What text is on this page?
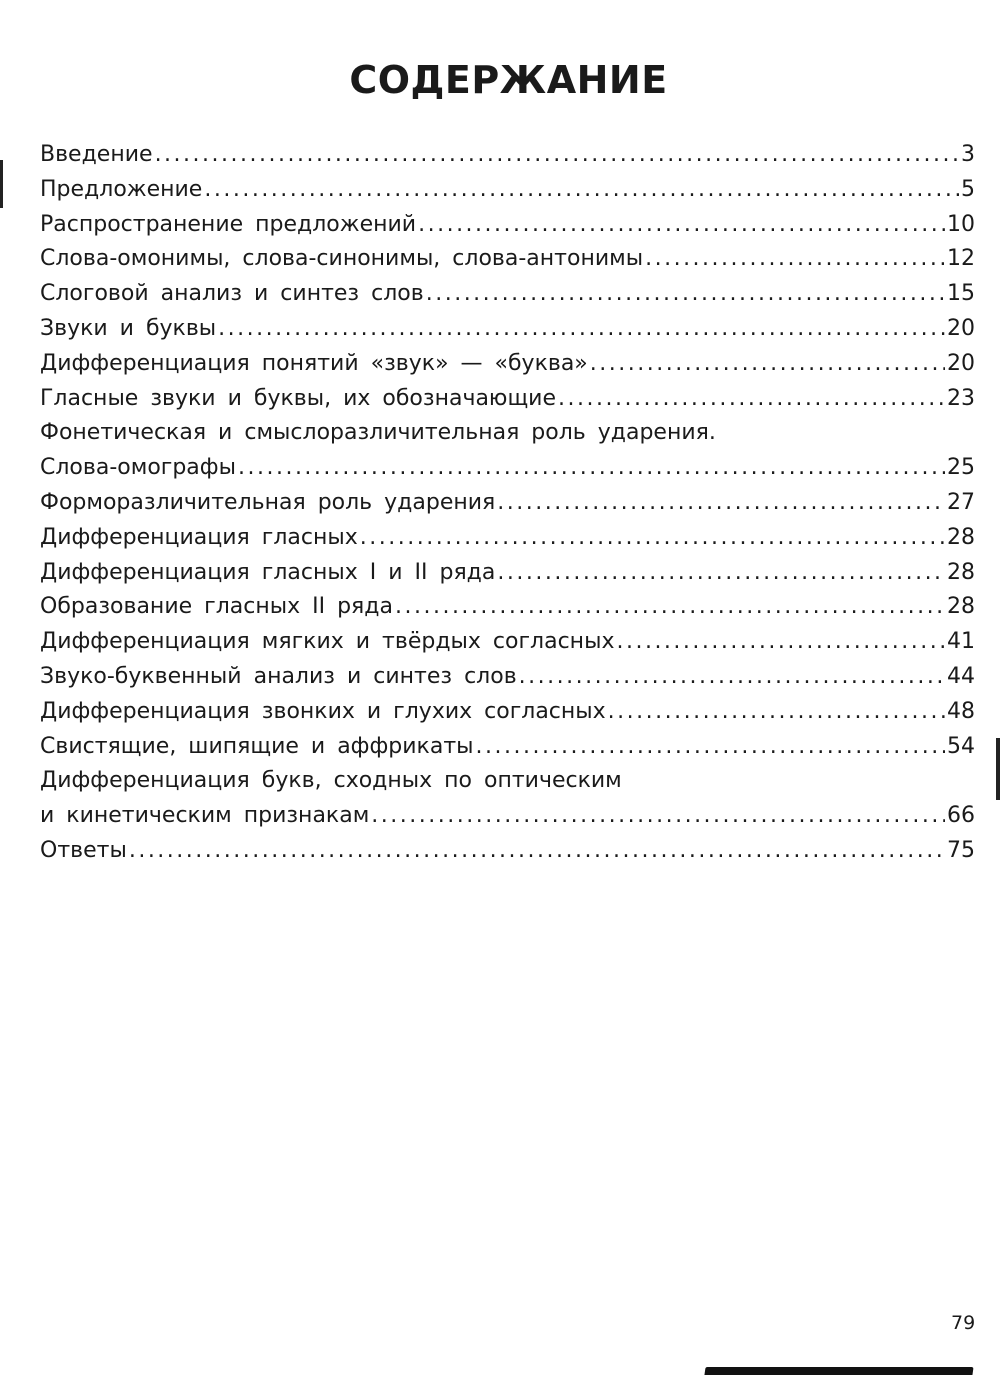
СОДЕРЖАНИЕ
Введение .....	3
Предложение .....	5
Распространение предложений .....	10
Слова-омонимы, слова-синонимы, слова-антонимы .....	12
Слоговой анализ и синтез слов .....	15
Звуки и буквы .....	20
Дифференциация понятий «звук» — «буква» .....	20
Гласные звуки и буквы, их обозначающие .....	23
Фонетическая и смыслоразличительная роль ударения.
Слова-омографы .....	25
Форморазличительная роль ударения .....	27
Дифференциация гласных .....	28
Дифференциация гласных I и II ряда .....	28
Образование гласных II ряда .....	28
Дифференциация мягких и твёрдых согласных .....	41
Звуко-буквенный анализ и синтез слов .....	44
Дифференциация звонких и глухих согласных .....	48
Свистящие, шипящие и аффрикаты .....	54
Дифференциация букв, сходных по оптическим
и кинетическим признакам .....	66
Ответы .....	75

79
